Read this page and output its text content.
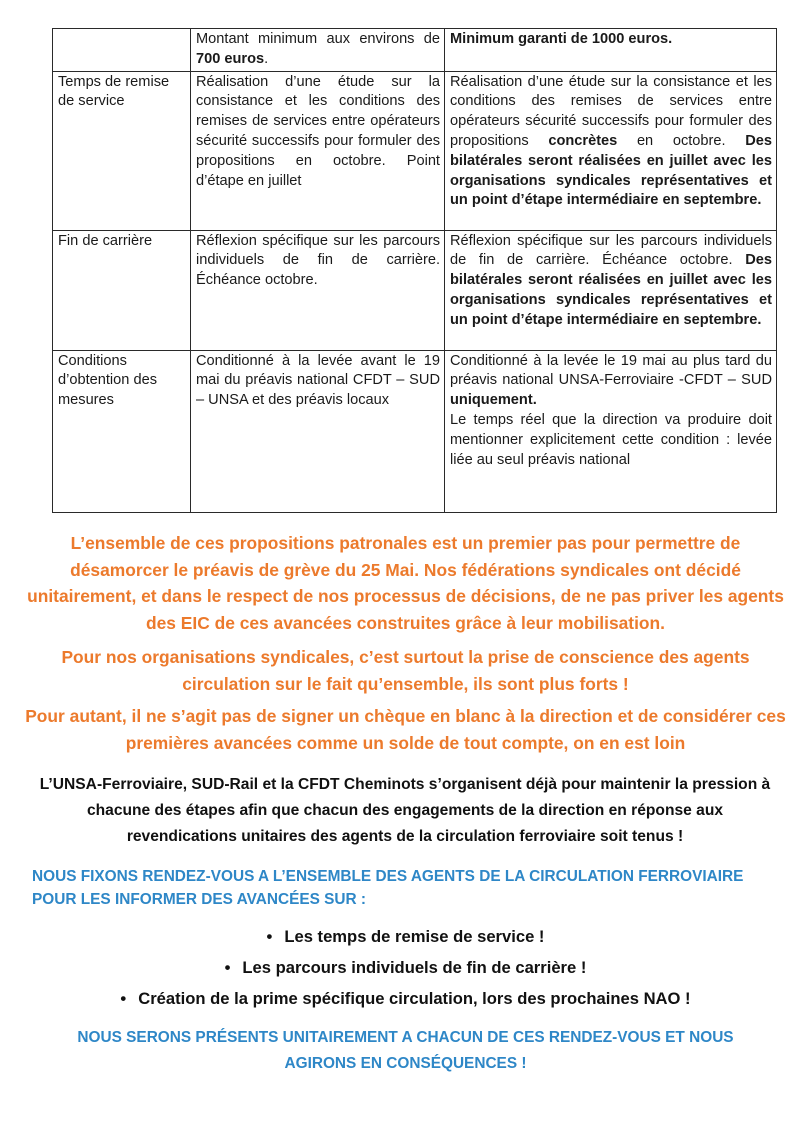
	Montant minimum aux environs de 700 euros.	Minimum garanti de 1000 euros.
Temps de remise de service	Réalisation d’une étude sur la consistance et les conditions des remises de services entre opérateurs sécurité successifs pour formuler des propositions en octobre. Point d’étape en juillet	Réalisation d’une étude sur la consistance et les conditions des remises de services entre opérateurs sécurité successifs pour formuler des propositions concrètes en octobre. Des bilatérales seront réalisées en juillet avec les organisations syndicales représentatives et un point d’étape intermédiaire en septembre.
Fin de carrière	Réflexion spécifique sur les parcours individuels de fin de carrière. Échéance octobre.	Réflexion spécifique sur les parcours individuels de fin de carrière. Échéance octobre. Des bilatérales seront réalisées en juillet avec les organisations syndicales représentatives et un point d’étape intermédiaire en septembre.
Conditions d’obtention des mesures	Conditionné à la levée avant le 19 mai du préavis national CFDT – SUD – UNSA et des préavis locaux	Conditionné à la levée le 19 mai au plus tard du préavis national UNSA-Ferroviaire -CFDT – SUD uniquement.
Le temps réel que la direction va produire doit mentionner explicitement cette condition : levée liée au seul préavis national
L’ensemble de ces propositions patronales est un premier pas pour permettre de désamorcer le préavis de grève du 25 Mai. Nos fédérations syndicales ont décidé unitairement, et dans le respect de nos processus de décisions, de ne pas priver les agents des EIC de ces avancées construites grâce à leur mobilisation.
Pour nos organisations syndicales, c’est surtout la prise de conscience des agents circulation sur le fait qu’ensemble, ils sont plus forts !
Pour autant, il ne s’agit pas de signer un chèque en blanc à la direction et de considérer ces premières avancées comme un solde de tout compte, on en est loin
L’UNSA-Ferroviaire, SUD-Rail et la CFDT Cheminots s’organisent déjà pour maintenir la pression à chacune des étapes afin que chacun des engagements de la direction en réponse aux revendications unitaires des agents de la circulation ferroviaire soit tenus !
NOUS FIXONS RENDEZ-VOUS A L’ENSEMBLE DES AGENTS DE LA CIRCULATION FERROVIAIRE POUR LES INFORMER DES AVANCÉES SUR :
• Les temps de remise de service !
• Les parcours individuels de fin de carrière !
• Création de la prime spécifique circulation, lors des prochaines NAO !
NOUS SERONS PRÉSENTS UNITAIREMENT A CHACUN DE CES RENDEZ-VOUS ET NOUS AGIRONS EN CONSÉQUENCES !
